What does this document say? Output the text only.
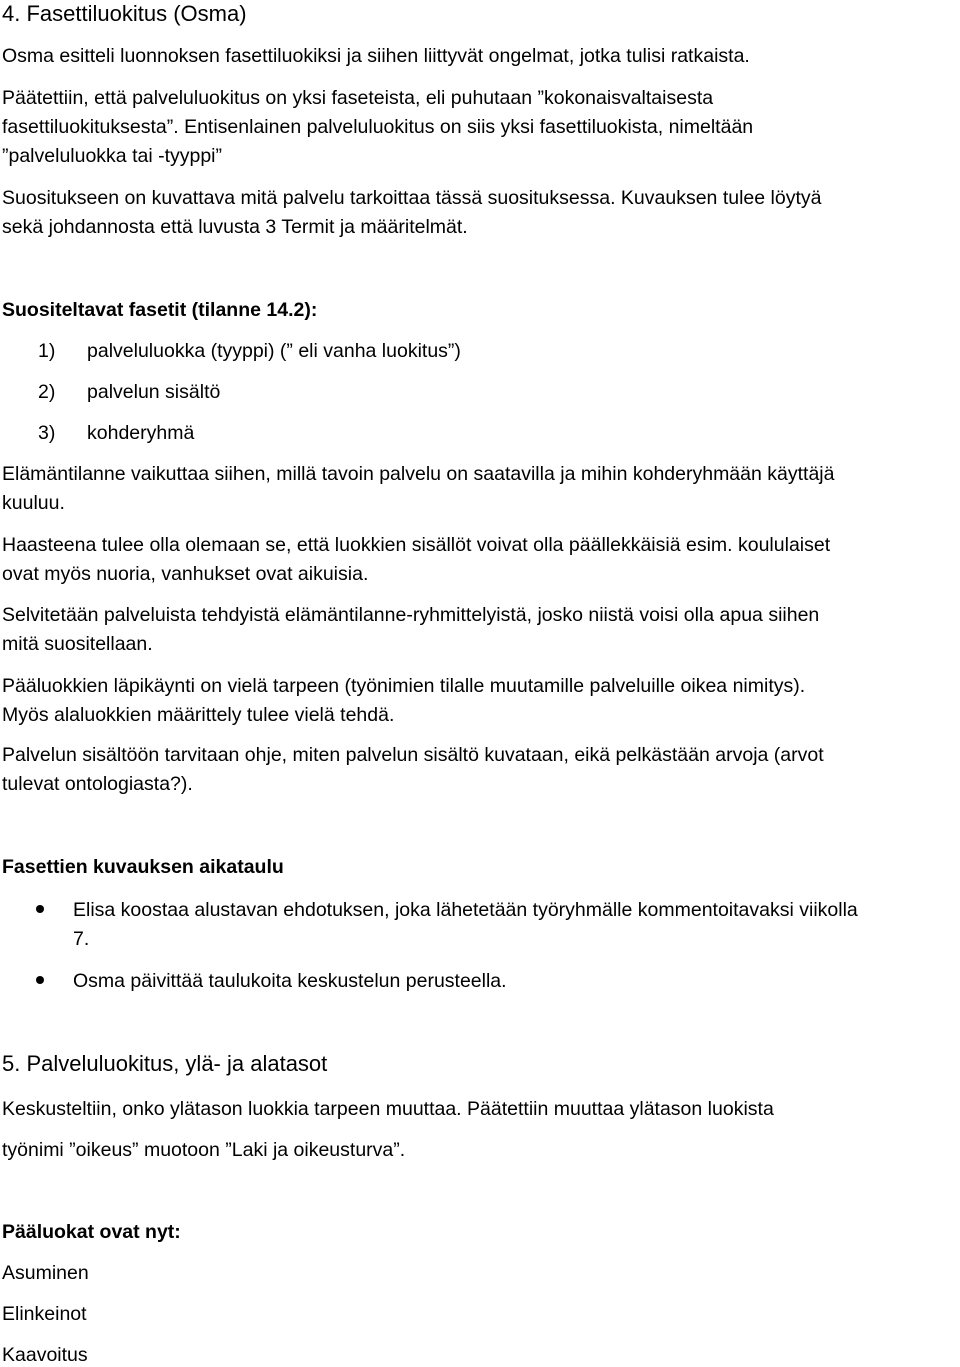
4. Fasettiluokitus (Osma)

Osma esitteli luonnoksen fasettiluokiksi ja siihen liittyvät ongelmat, jotka tulisi ratkaista.

Päätettiin, että palveluluokitus on yksi faseteista, eli puhutaan ”kokonaisvaltaisesta

fasettiluokituksesta”. Entisenlainen palveluluokitus on siis yksi fasettiluokista, nimeltään

”palveluluokka tai -tyyppi”

Suositukseen on kuvattava mitä palvelu tarkoittaa tässä suosituksessa. Kuvauksen tulee löytyä

sekä johdannosta että luvusta 3 Termit ja määritelmät.

Suositeltavat fasetit (tilanne 14.2):

1) palveluluokka (tyyppi) (” eli vanha luokitus”)

2) palvelun sisältö

3) kohderyhmä

Elämäntilanne vaikuttaa siihen, millä tavoin palvelu on saatavilla ja mihin kohderyhmään käyttäjä

kuuluu.

Haasteena tulee olla olemaan se, että luokkien sisällöt voivat olla päällekkäisiä esim. koululaiset

ovat myös nuoria, vanhukset ovat aikuisia.

Selvitetään palveluista tehdyistä elämäntilanne-ryhmittelyistä, josko niistä voisi olla apua siihen

mitä suositellaan.

Pääluokkien läpikäynti on vielä tarpeen (työnimien tilalle muutamille palveluille oikea nimitys).

Myös alaluokkien määrittely tulee vielä tehdä.

Palvelun sisältöön tarvitaan ohje, miten palvelun sisältö kuvataan, eikä pelkästään arvoja (arvot

tulevat ontologiasta?).

Fasettien kuvauksen aikataulu

Elisa koostaa alustavan ehdotuksen, joka lähetetään työryhmälle kommentoitavaksi viikolla

7.

Osma päivittää taulukoita keskustelun perusteella.

5. Palveluluokitus, ylä- ja alatasot

Keskusteltiin, onko ylätason luokkia tarpeen muuttaa. Päätettiin muuttaa ylätason luokista

työnimi ”oikeus” muotoon ”Laki ja oikeusturva”.

Pääluokat ovat nyt:

Asuminen

Elinkeinot

Kaavoitus
